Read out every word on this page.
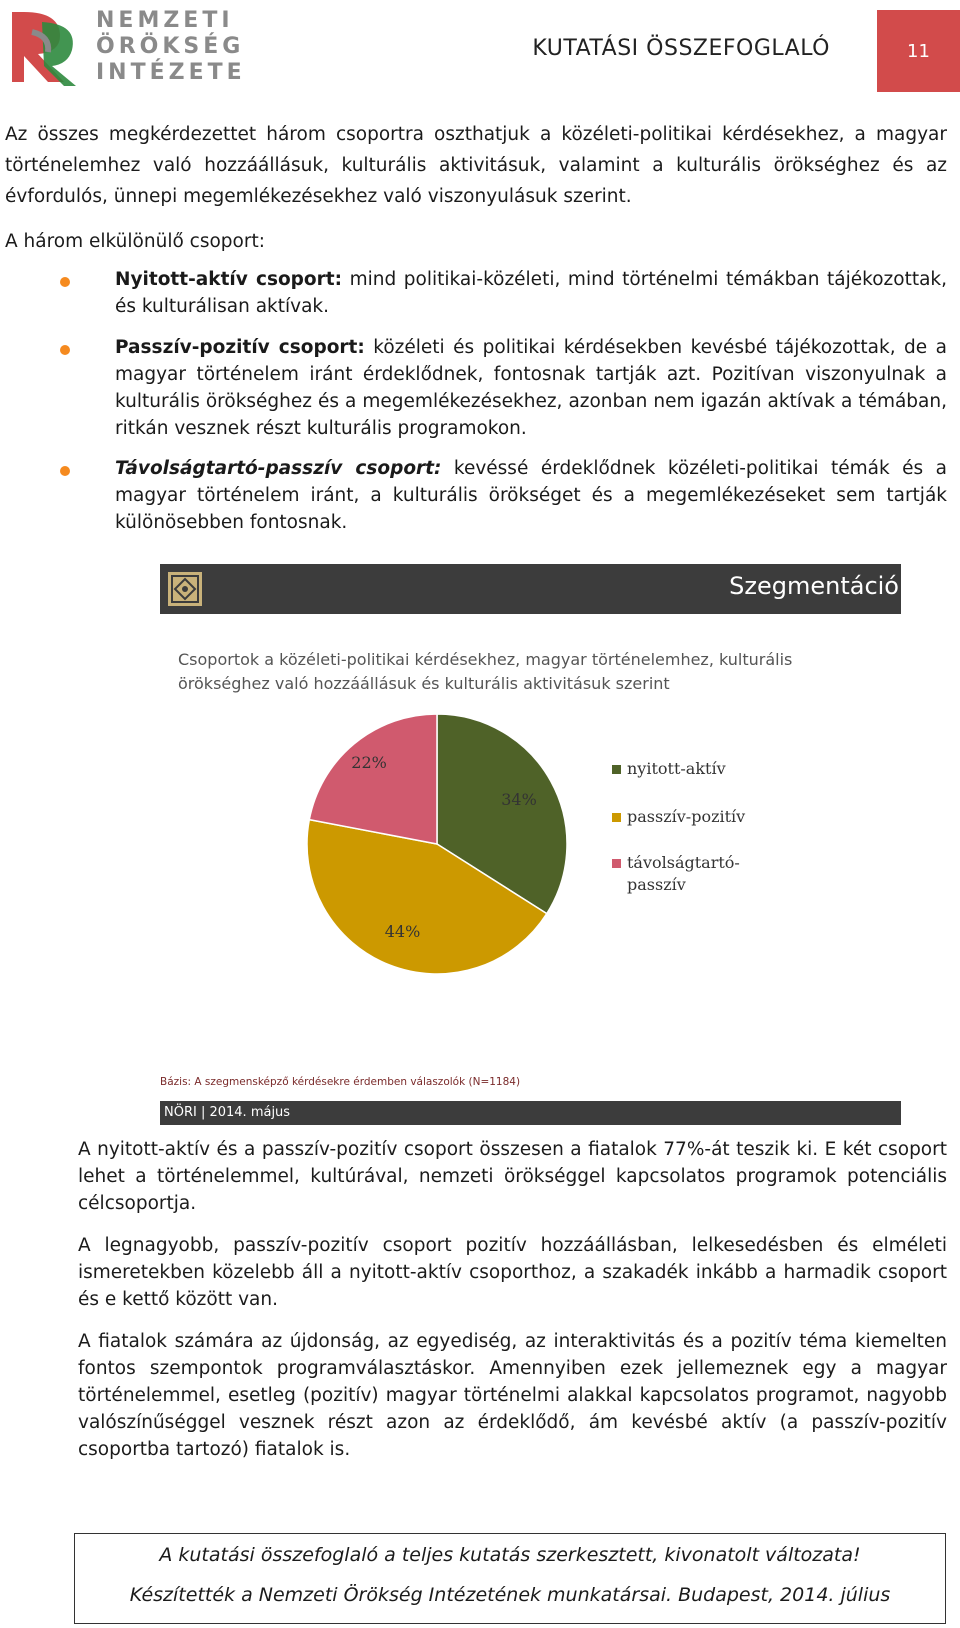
NEMZETI
ÖRÖKSÉG
INTÉZETE
KUTATÁSI ÖSSZEFOGLALÓ	11
Az összes megkérdezettet három csoportra oszthatjuk a közéleti-politikai kérdésekhez, a magyar történelemhez való hozzáállásuk, kulturális aktivitásuk, valamint a kulturális örökséghez és az évfordulós, ünnepi megemlékezésekhez való viszonyulásuk szerint.
A három elkülönülő csoport:
Nyitott-aktív csoport: mind politikai-közéleti, mind történelmi témákban tájékozottak, és kulturálisan aktívak.
Passzív-pozitív csoport: közéleti és politikai kérdésekben kevésbé tájékozottak, de a magyar történelem iránt érdeklődnek, fontosnak tartják azt. Pozitívan viszonyulnak a kulturális örökséghez és a megemlékezésekhez, azonban nem igazán aktívak a témában, ritkán vesznek részt kulturális programokon.
Távolságtartó-passzív csoport: kevéssé érdeklődnek közéleti-politikai témák és a magyar történelem iránt, a kulturális örökséget és a megemlékezéseket sem tartják különösebben fontosnak.
Szegmentáció
Csoportok a közéleti-politikai kérdésekhez, magyar történelemhez, kulturális örökséghez való hozzáállásuk és kulturális aktivitásuk szerint
34%
44%
22%	nyitott-aktív
passzív-pozitív
távolságtartó-
passzív
Bázis: A szegmensképző kérdésekre érdemben válaszolók (N=1184)
NÖRI | 2014. május
A nyitott-aktív és a passzív-pozitív csoport összesen a fiatalok 77%-át teszik ki. E két csoport lehet a történelemmel, kultúrával, nemzeti örökséggel kapcsolatos programok potenciális célcsoportja.
A legnagyobb, passzív-pozitív csoport pozitív hozzáállásban, lelkesedésben és elméleti ismeretekben közelebb áll a nyitott-aktív csoporthoz, a szakadék inkább a harmadik csoport és e kettő között van.
A fiatalok számára az újdonság, az egyediség, az interaktivitás és a pozitív téma kiemelten fontos szempontok programválasztáskor. Amennyiben ezek jellemeznek egy a magyar történelemmel, esetleg (pozitív) magyar történelmi alakkal kapcsolatos programot, nagyobb valószínűséggel vesznek részt azon az érdeklődő, ám kevésbé aktív (a passzív-pozitív csoportba tartozó) fiatalok is.
A kutatási összefoglaló a teljes kutatás szerkesztett, kivonatolt változata!
Készítették a Nemzeti Örökség Intézetének munkatársai. Budapest, 2014. július
